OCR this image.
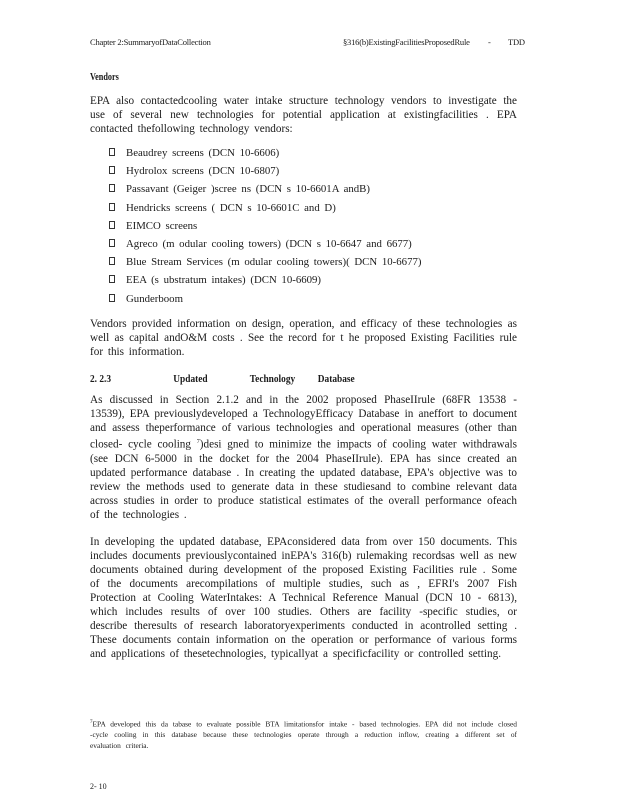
Chapter 2:SummaryofDataCollection	§316(b)ExistingFacilitiesProposedRule - TDD
Vendors

EPA also contactedcooling water intake structure technology vendors to investigate the use of several new technologies for potential application at existingfacilities . EPA contacted thefollowing technology vendors:

Beaudrey screens (DCN 10-6606)
Hydrolox screens (DCN 10-6807)
Passavant (Geiger )scree ns (DCN s 10-6601A andB)
Hendricks screens ( DCN s 10-6601C and D)
EIMCO screens
Agreco (m odular cooling towers) (DCN s 10-6647 and 6677)
Blue Stream Services (m odular cooling towers)( DCN 10-6677)
EEA (s ubstratum intakes) (DCN 10-6609)
Gunderboom

Vendors provided information on design, operation, and efficacy of these technologies as well as capital andO&M costs . See the record for t he proposed Existing Facilities rule for this information.

2. 2.3	Updated	Technology	Database

As discussed in Section 2.1.2 and in the 2002 proposed PhaseIIrule (68FR 13538 - 13539), EPA previouslydeveloped a TechnologyEfficacy Database in aneffort to document and assess theperformance of various technologies and operational measures (other than closed- cycle cooling $^7$)desi gned to minimize the impacts of cooling water withdrawals (see DCN 6-5000 in the docket for the 2004 PhaseIIrule). EPA has since created an updated performance database . In creating the updated database, EPA's objective was to review the methods used to generate data in these studiesand to combine relevant data across studies in order to produce statistical estimates of the overall performance ofeach of the technologies .

In developing the updated database, EPAconsidered data from over 150 documents. This includes documents previouslycontained inEPA's 316(b) rulemaking recordsas well as new documents obtained during development of the proposed Existing Facilities rule . Some of the documents arecompilations of multiple studies, such as , EFRI's 2007 Fish Protection at Cooling WaterIntakes: A Technical Reference Manual (DCN 10 - 6813), which includes results of over 100 studies. Others are facility -specific studies, or describe theresults of research laboratoryexperiments conducted in acontrolled setting . These documents contain information on the operation or performance of various forms and applications of thesetechnologies, typicallyat a specificfacility or controlled setting.

$^7$EPA developed this da tabase to evaluate possible BTA limitationsfor intake - based technologies. EPA did not include closed -cycle cooling in this database because these technologies operate through a reduction inflow, creating a different set of evaluation criteria.
2- 10
